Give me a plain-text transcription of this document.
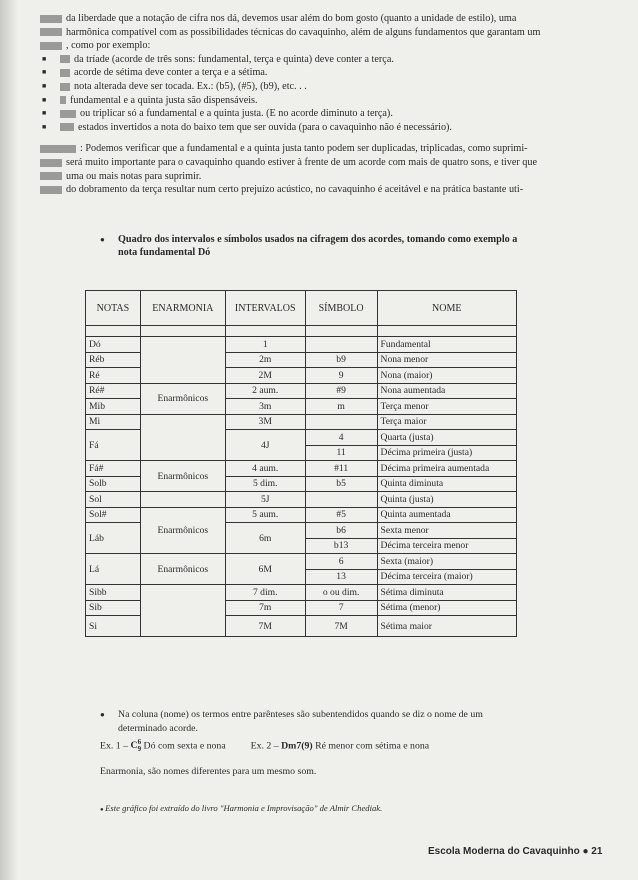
da liberdade que a notação de cifra nos dá, devemos usar além do bom gosto (quanto a unidade de estilo), uma

harmônica compatível com as possibilidades técnicas do cavaquinho, além de alguns fundamentos que garantam um

, como por exemplo:

■ da tríade (acorde de três sons: fundamental, terça e quinta) deve conter a terça.

■ acorde de sétima deve conter a terça e a sétima.

■ nota alterada deve ser tocada. Ex.: (b5), (#5), (b9), etc. . .

■ fundamental e a quinta justa são dispensáveis.

■ ou triplicar só a fundamental e a quinta justa. (E no acorde diminuto a terça).

■ estados invertidos a nota do baixo tem que ser ouvida (para o cavaquinho não é necessário).

: Podemos verificar que a fundamental e a quinta justa tanto podem ser duplicadas, triplicadas, como suprimi-

será muito importante para o cavaquinho quando estiver à frente de um acorde com mais de quatro sons, e tiver que

uma ou mais notas para suprimir.

do dobramento da terça resultar num certo prejuízo acústico, no cavaquinho é aceitável e na prática bastante uti-

● Quadro dos intervalos e símbolos usados na cifragem dos acordes, tomando como exemplo a nota fundamental Dó
NOTAS	ENARMONIA	INTERVALOS	SÍMBOLO	NOME

Dó		1		Fundamental
Réb		2m	b9	Nona menor
Ré		2M	9	Nona (maior)
Ré#	Enarmônicos	2 aum.	#9	Nona aumentada
Mib		3m	m	Terça menor
Mi		3M		Terça maior
Fá		4J	4	Quarta (justa)
			11	Décima primeira (justa)
Fá#	Enarmônicos	4 aum.	#11	Décima primeira aumentada
Solb		5 dim.	b5	Quinta diminuta
Sol		5J		Quinta (justa)
Sol#	Enarmônicos	5 aum.	#5	Quinta aumentada
Láb		6m	b6	Sexta menor
			b13	Décima terceira menor
Lá	Enarmônicos	6M	6	Sexta (maior)
			13	Décima terceira (maior)
Sibb		7 dim.	o ou dim.	Sétima diminuta
Sib		7m	7	Sétima (menor)
Si		7M	7M	Sétima maior
● Na coluna (nome) os termos entre parênteses são subentendidos quando se diz o nome de um determinado acorde.
Ex. 1 – C 6
9 Dó com sexta e nona	Ex. 2 – Dm7(9) Ré menor com sétima e nona
Enarmonia, são nomes diferentes para um mesmo som.
● Este gráfico foi extraído do livro "Harmonia e Improvisação" de Almir Chediak.
Escola Moderna do Cavaquinho ● 21
